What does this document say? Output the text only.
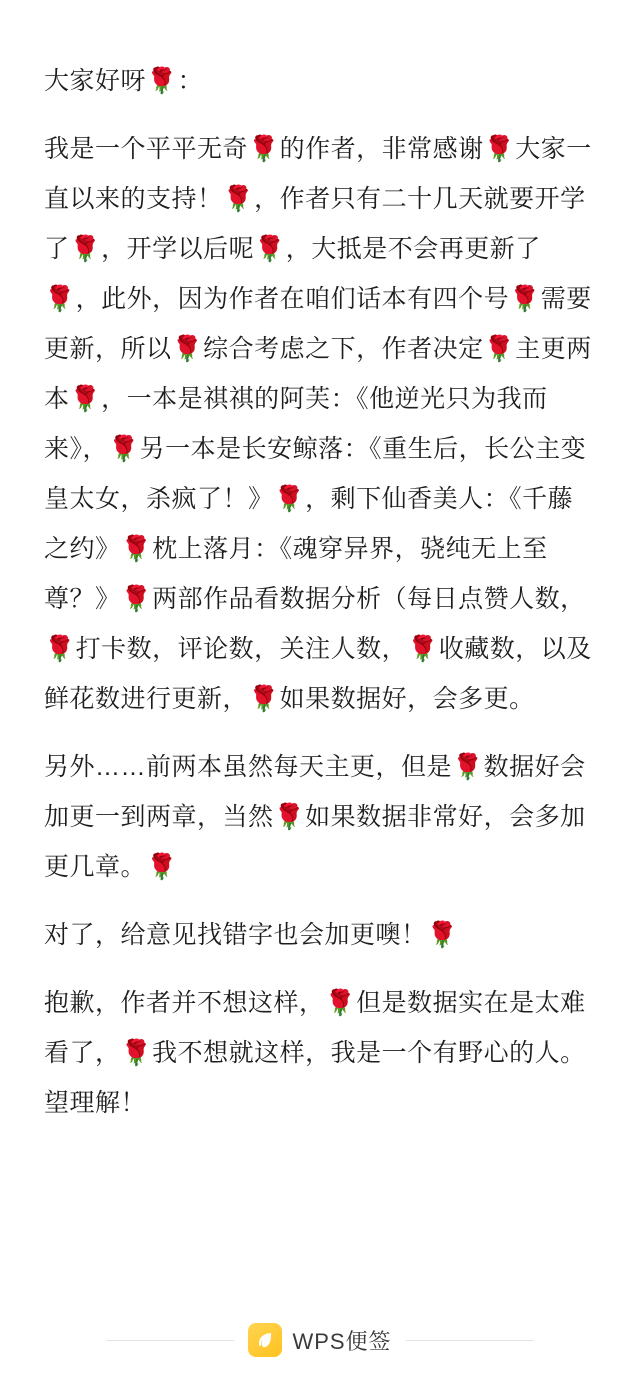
大家好呀🌹：

我是一个平平无奇🌹的作者，非常感谢🌹大家一直以来的支持！🌹，作者只有二十几天就要开学了🌹，开学以后呢🌹，大抵是不会再更新了🌹，此外，因为作者在咱们话本有四个号🌹需要更新，所以🌹综合考虑之下，作者决定🌹主更两本🌹，一本是祺祺的阿芙：《他逆光只为我而来》，🌹另一本是长安鲸落：《重生后，长公主变皇太女，杀疯了！》🌹，剩下仙香美人：《千藤之约》🌹枕上落月：《魂穿异界，骁纯无上至尊？》🌹两部作品看数据分析（每日点赞人数，🌹打卡数，评论数，关注人数，🌹收藏数，以及鲜花数进行更新，🌹如果数据好，会多更。

另外……前两本虽然每天主更，但是🌹数据好会加更一到两章，当然🌹如果数据非常好，会多加更几章。🌹

对了，给意见找错字也会加更噢！🌹

抱歉，作者并不想这样，🌹但是数据实在是太难看了，🌹我不想就这样，我是一个有野心的人。望理解！

WPS便签
